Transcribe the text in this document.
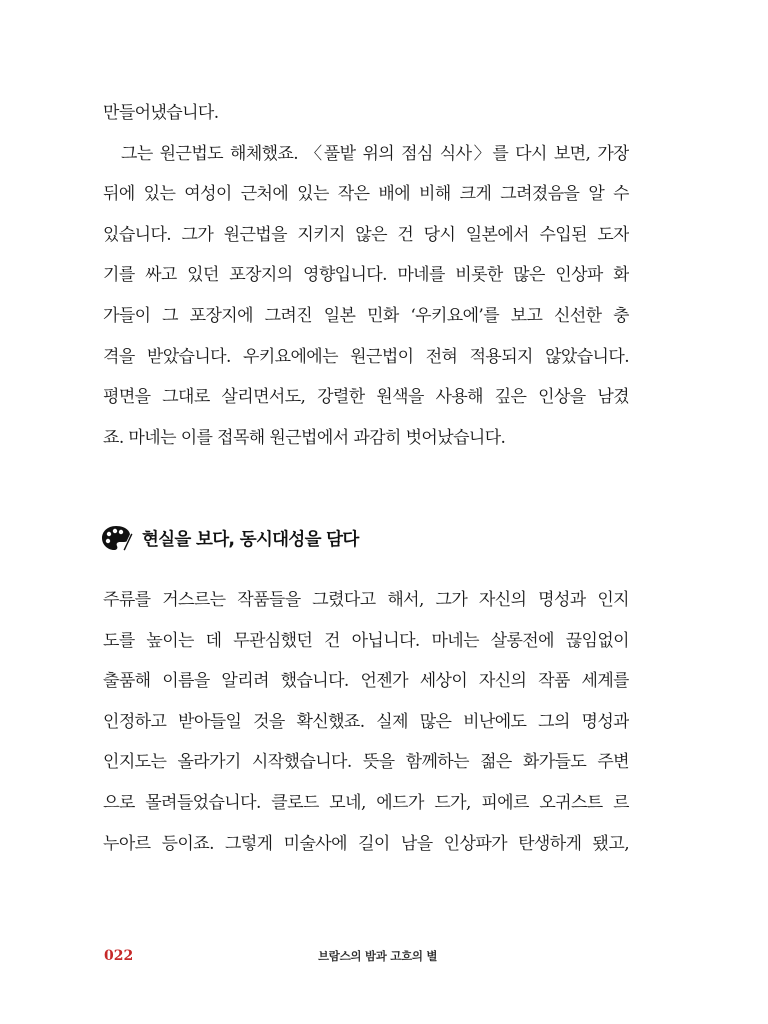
만들어냈습니다.
그는 원근법도 해체했죠. 〈풀밭 위의 점심 식사〉를 다시 보면, 가장
뒤에 있는 여성이 근처에 있는 작은 배에 비해 크게 그려졌음을 알 수
있습니다. 그가 원근법을 지키지 않은 건 당시 일본에서 수입된 도자
기를 싸고 있던 포장지의 영향입니다. 마네를 비롯한 많은 인상파 화
가들이 그 포장지에 그려진 일본 민화 ‘우키요에’를 보고 신선한 충
격을 받았습니다. 우키요에에는 원근법이 전혀 적용되지 않았습니다.
평면을 그대로 살리면서도, 강렬한 원색을 사용해 깊은 인상을 남겼
죠. 마네는 이를 접목해 원근법에서 과감히 벗어났습니다.
현실을 보다, 동시대성을 담다
주류를 거스르는 작품들을 그렸다고 해서, 그가 자신의 명성과 인지
도를 높이는 데 무관심했던 건 아닙니다. 마네는 살롱전에 끊임없이
출품해 이름을 알리려 했습니다. 언젠가 세상이 자신의 작품 세계를
인정하고 받아들일 것을 확신했죠. 실제 많은 비난에도 그의 명성과
인지도는 올라가기 시작했습니다. 뜻을 함께하는 젊은 화가들도 주변
으로 몰려들었습니다. 클로드 모네, 에드가 드가, 피에르 오귀스트 르
누아르 등이죠. 그렇게 미술사에 길이 남을 인상파가 탄생하게 됐고,
022	브람스의 밤과 고흐의 별
